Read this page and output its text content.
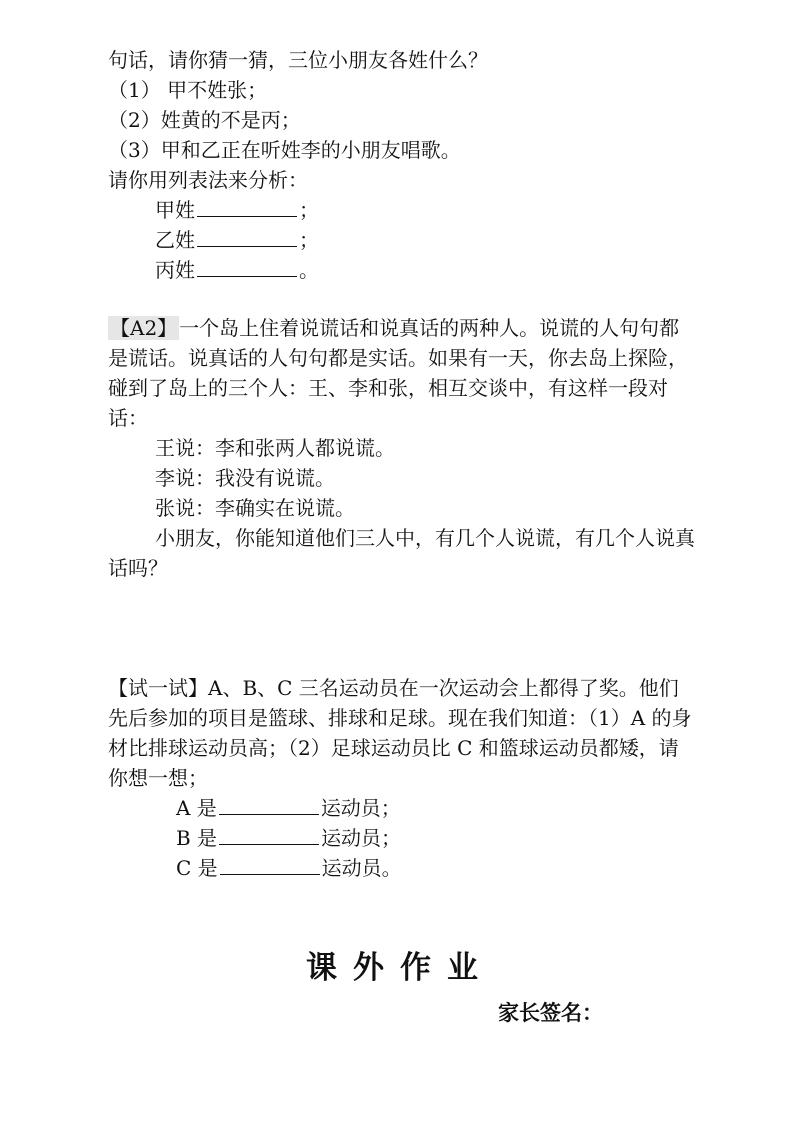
句话，请你猜一猜，三位小朋友各姓什么？
（1） 甲不姓张；
（2）姓黄的不是丙；
（3）甲和乙正在听姓李的小朋友唱歌。
请你用列表法来分析：
甲姓	；
乙姓	；
丙姓	。
【A2】 一个岛上住着说谎话和说真话的两种人。说谎的人句句都是谎话。说真话的人句句都是实话。如果有一天，你去岛上探险，碰到了岛上的三个人：王、李和张，相互交谈中，有这样一段对话：
王说：李和张两人都说谎。
李说：我没有说谎。
张说：李确实在说谎。
小朋友，你能知道他们三人中，有几个人说谎，有几个人说真话吗？
【试一试】A、B、C 三名运动员在一次运动会上都得了奖。他们先后参加的项目是篮球、排球和足球。现在我们知道：（1）A 的身材比排球运动员高；（2）足球运动员比 C 和篮球运动员都矮，请你想一想；
A 是	运动员；
B 是	运动员；
C 是	运动员。
课外作业
家长签名：
